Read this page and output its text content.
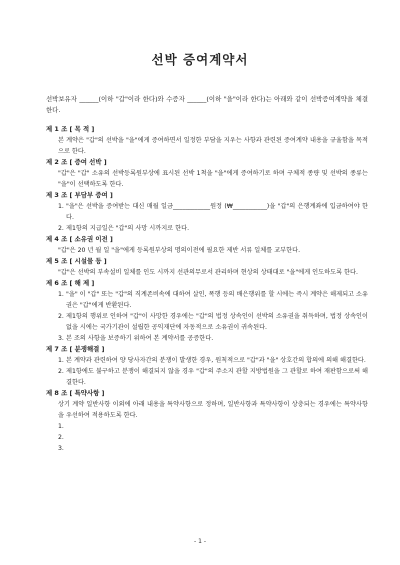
선박 증여계약서
선박보유자 ______(이하 "갑"이라 한다)와 수증자 ______(이하 "을"이라 한다)는 아래와 같이 선박증여계약을 체결한다.
제 1 조 [ 목 적 ]
본 계약은 "갑"의 선박을 "을"에게 증여하면서 일정한 부담을 지우는 사항과 관련된 증여계약 내용을 규율함을 목적으로 한다.
제 2 조 [ 증여 선박 ]
"갑"은 "갑" 소유의 선박등록원부상에 표시된 선박 1척을 "을"에게 증여하기로 하며 구체적 종량 및 선박의 종류는 "을"이 선택하도록 한다.
제 3 조 [ 부담부 증여 ]
1. "을"은 선박을 증여받는 대신 매월 일금____________원정 (₩___________)을 "갑"의 은행계좌에 입금하여야 한다.
2. 제1항의 지급일은 "갑"의 사망 시까지로 한다.
제 4 조 [ 소유권 이전 ]
"갑"은 20 년 월 일 "을"에게 등록원부상의 명의이전에 필요한 제반 서류 일체를 교부한다.
제 5 조 [ 시설물 등 ]
"갑"은 선박의 부속설비 일체를 인도 시까지 선관의무로서 관리하며 현상의 상태대로 "을"에게 인도하도록 한다.
제 6 조 [ 해 제 ]
1. "을" 이 "갑" 또는 "갑"의 직계존비속에 대하여 살인, 폭행 등의 배은행위를 할 시에는 즉시 계약은 해제되고 소유권은 "갑"에게 반환된다.
2. 제1항의 행위로 인하여 "갑"이 사망한 경우에는 "갑"의 법정 상속인이 선박의 소유권을 취득하며, 법정 상속인이 없을 시에는 국가기관이 설립한 공익재단에 자동적으로 소유권이 귀속된다.
3. 본 조의 사항을 보증하기 위하여 본 계약서를 공증한다.
제 7 조 [ 분쟁해결 ]
1. 본 계약과 관련하여 양 당사자간의 분쟁이 발생한 경우, 원칙적으로 "갑"과 "을" 상호간의 합의에 의해 해결한다.
2. 제1항에도 불구하고 분쟁이 해결되지 않을 경우 "갑"의 주소지 관할 지방법원을 그 관할로 하여 재판함으로써 해결한다.
제 8 조 [ 특약사항 ]
상기 계약 일반사항 이외에 아래 내용을 특약사항으로 정하며, 일반사항과 특약사항이 상충되는 경우에는 특약사항을 우선하여 적용하도록 한다.
1.
2.
3.
- 1 -
